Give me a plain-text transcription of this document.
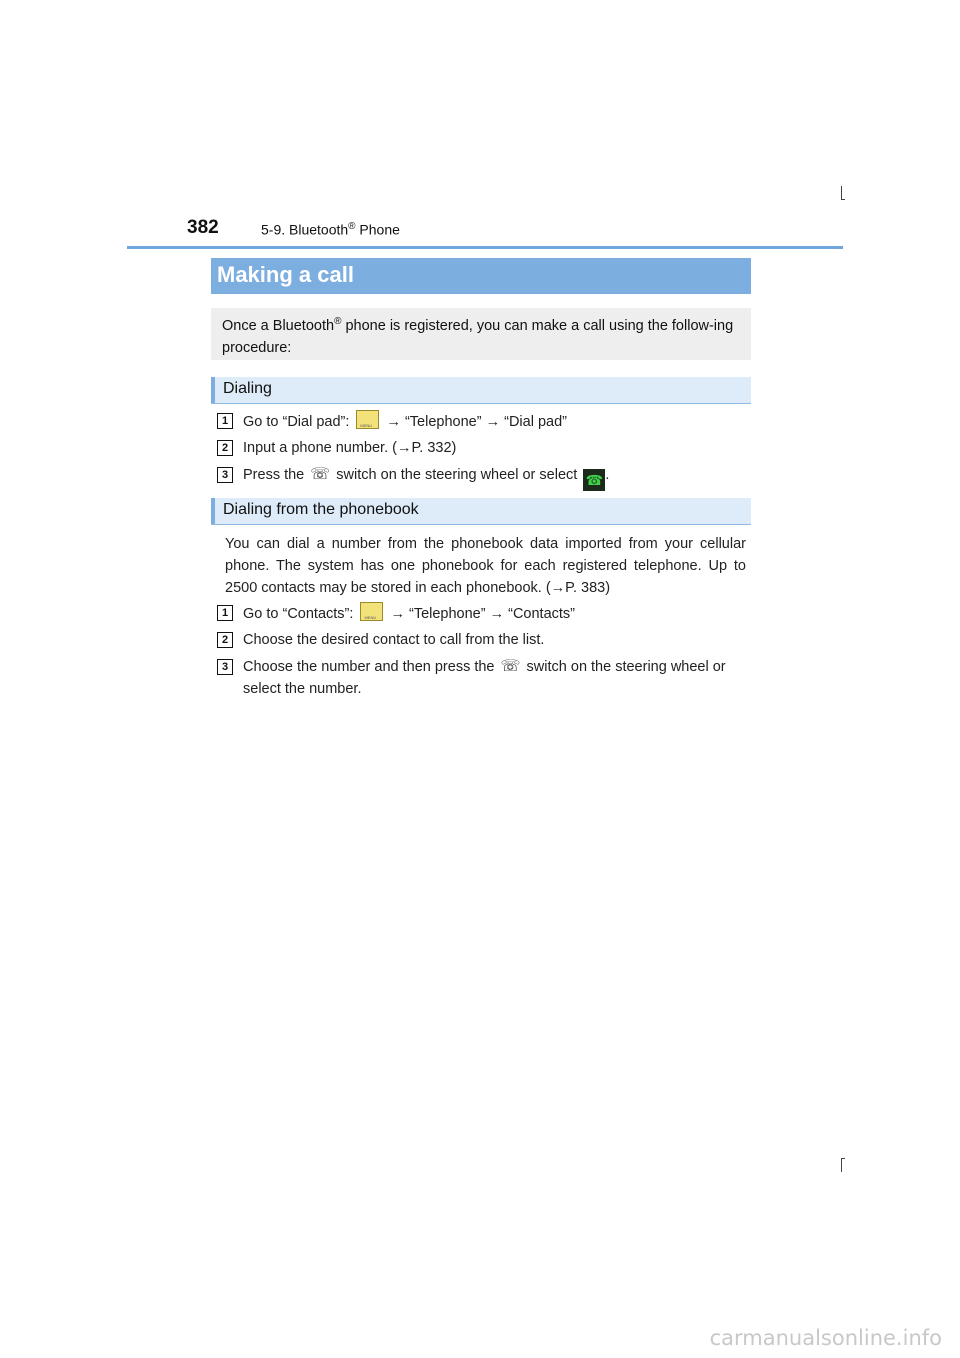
382	5-9. Bluetooth® Phone
Making a call

Once a Bluetooth® phone is registered, you can make a call using the follow-ing procedure:

Dialing
1	Go to “Dial pad”: MENU → “Telephone” → “Dial pad”
2	Input a phone number. (→P. 332)
3	Press the ☏ switch on the steering wheel or select ☎ .
Dialing from the phonebook

You can dial a number from the phonebook data imported from your cellular phone. The system has one phonebook for each registered telephone. Up to 2500 contacts may be stored in each phonebook. (→P. 383)

1	Go to “Contacts”: MENU → “Telephone” → “Contacts”
2	Choose the desired contact to call from the list.
3	Choose the number and then press the ☏ switch on the steering wheel or select the number.
carmanualsonline.info
